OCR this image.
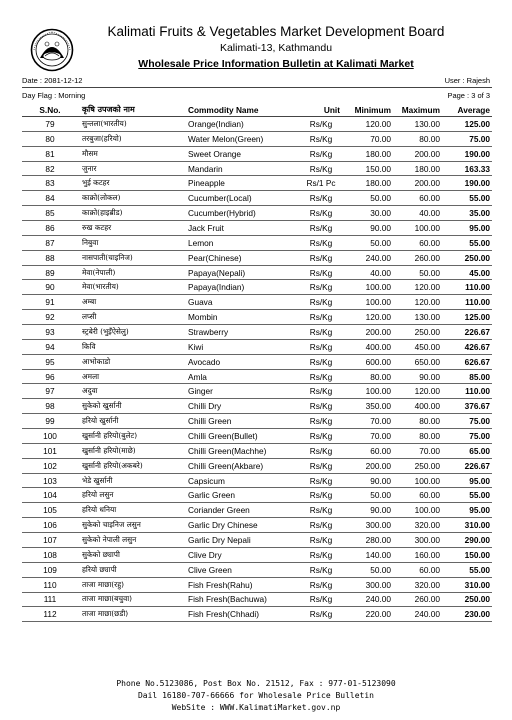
Kalimati Fruits & Vegetables Market Development Board
Kalimati-13, Kathmandu
Wholesale Price Information Bulletin at Kalimati Market
Date : 2081-12-12	User : Rajesh
Day Flag : Morning	Page : 3 of 3
S.No.	कृषि उपजको नाम	Commodity Name	Unit	Minimum	Maximum	Average
79	सुन्तला(भारतीय)	Orange(Indian)	Rs/Kg	120.00	130.00	125.00
80	तरबुजा(हरियो)	Water Melon(Green)	Rs/Kg	70.00	80.00	75.00
81	मौसम	Sweet Orange	Rs/Kg	180.00	200.00	190.00
82	जुनार	Mandarin	Rs/Kg	150.00	180.00	163.33
83	भुई कटहर	Pineapple	Rs/1 Pc	180.00	200.00	190.00
84	काक्रो(लोकल)	Cucumber(Local)	Rs/Kg	50.00	60.00	55.00
85	काक्रो(हाइब्रीड)	Cucumber(Hybrid)	Rs/Kg	30.00	40.00	35.00
86	रुख कटहर	Jack Fruit	Rs/Kg	90.00	100.00	95.00
87	निबुवा	Lemon	Rs/Kg	50.00	60.00	55.00
88	नासपाती(चाइनिज)	Pear(Chinese)	Rs/Kg	240.00	260.00	250.00
89	मेवा(नेपाली)	Papaya(Nepali)	Rs/Kg	40.00	50.00	45.00
90	मेवा(भारतीय)	Papaya(Indian)	Rs/Kg	100.00	120.00	110.00
91	अम्बा	Guava	Rs/Kg	100.00	120.00	110.00
92	लप्सी	Mombin	Rs/Kg	120.00	130.00	125.00
93	स्ट्रबेरी (भुइँऐसेलु)	Strawberry	Rs/Kg	200.00	250.00	226.67
94	किवि	Kiwi	Rs/Kg	400.00	450.00	426.67
95	आभोकाडो	Avocado	Rs/Kg	600.00	650.00	626.67
96	अमला	Amla	Rs/Kg	80.00	90.00	85.00
97	अदुवा	Ginger	Rs/Kg	100.00	120.00	110.00
98	सुकेको खुर्सानी	Chilli Dry	Rs/Kg	350.00	400.00	376.67
99	हरियो खुर्सानी	Chilli Green	Rs/Kg	70.00	80.00	75.00
100	खुर्सानी हरियो(बुलेट)	Chilli Green(Bullet)	Rs/Kg	70.00	80.00	75.00
101	खुर्सानी हरियो(माछे)	Chilli Green(Machhe)	Rs/Kg	60.00	70.00	65.00
102	खुर्सानी हरियो(अकबरे)	Chilli Green(Akbare)	Rs/Kg	200.00	250.00	226.67
103	भेडे खुर्सानी	Capsicum	Rs/Kg	90.00	100.00	95.00
104	हरियो लसुन	Garlic Green	Rs/Kg	50.00	60.00	55.00
105	हरियो धनिया	Coriander Green	Rs/Kg	90.00	100.00	95.00
106	सुकेको चाइनिज लसुन	Garlic Dry Chinese	Rs/Kg	300.00	320.00	310.00
107	सुकेको नेपाली लसुन	Garlic Dry Nepali	Rs/Kg	280.00	300.00	290.00
108	सुकेको छ्यापी	Clive Dry	Rs/Kg	140.00	160.00	150.00
109	हरियो छ्यापी	Clive Green	Rs/Kg	50.00	60.00	55.00
110	ताजा माछा(रहु)	Fish Fresh(Rahu)	Rs/Kg	300.00	320.00	310.00
111	ताजा माछा(बचुवा)	Fish Fresh(Bachuwa)	Rs/Kg	240.00	260.00	250.00
112	ताजा माछा(छडी)	Fish Fresh(Chhadi)	Rs/Kg	220.00	240.00	230.00
Phone No.5123086, Post Box No. 21512, Fax : 977-01-5123090
Dail 16180-707-66666 for Wholesale Price Bulletin
WebSite : WWW.KalimatiMarket.gov.np
